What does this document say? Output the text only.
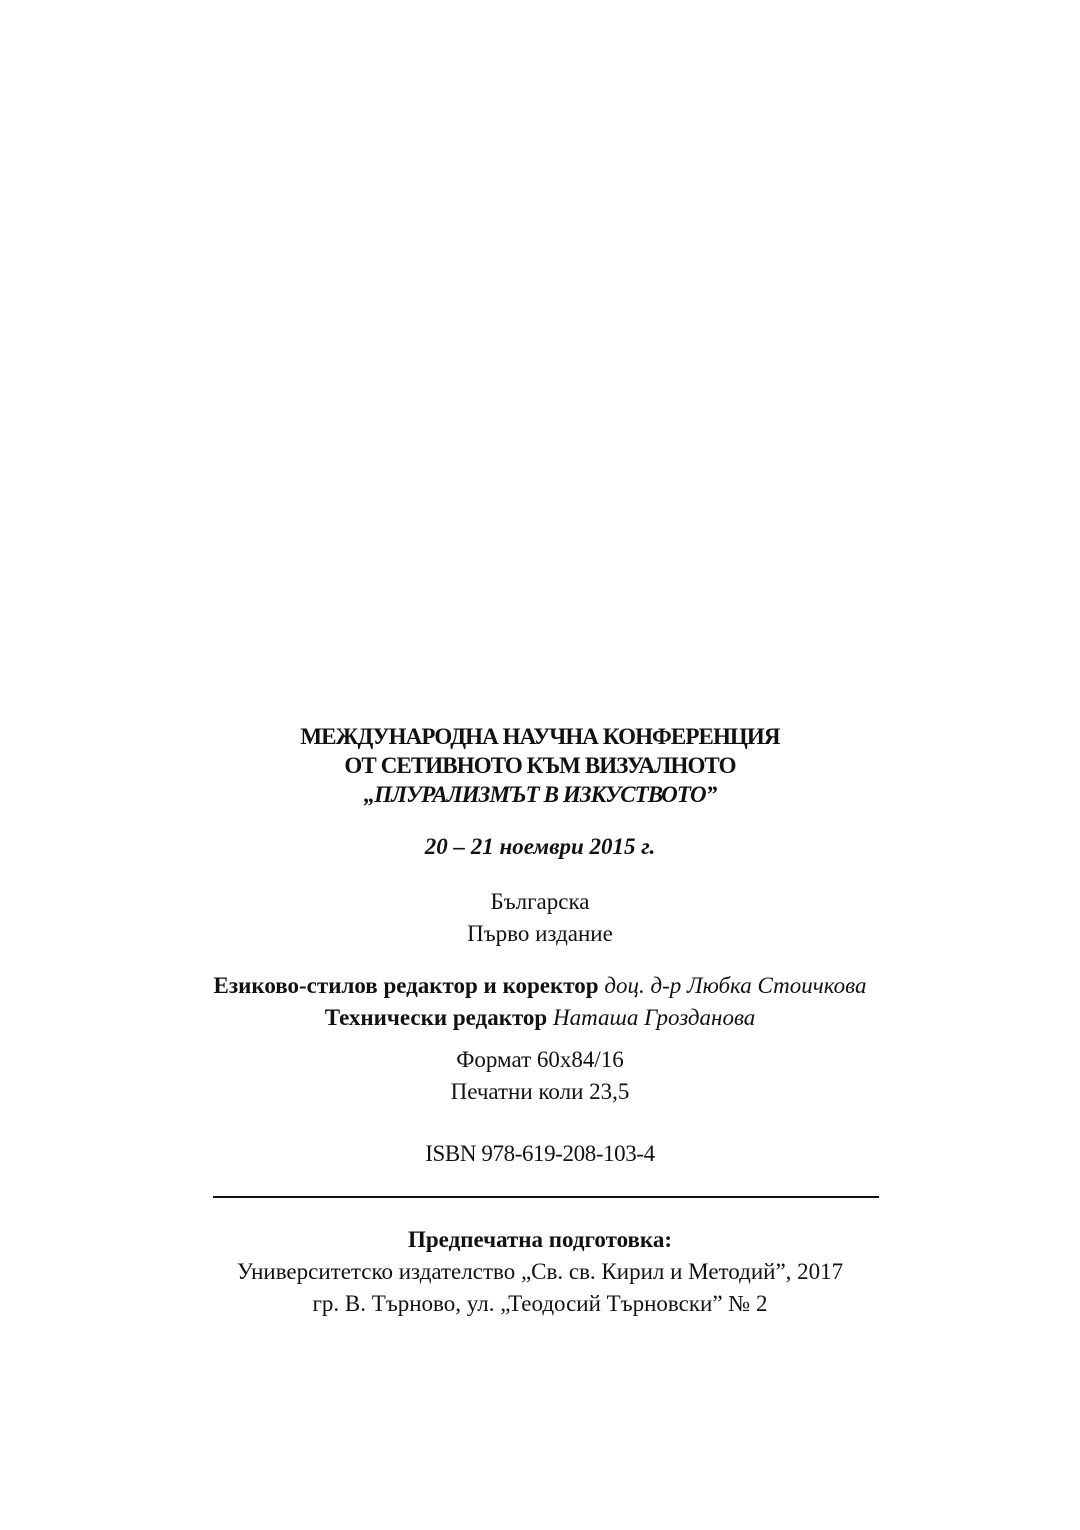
МЕЖДУНАРОДНА НАУЧНА КОНФЕРЕНЦИЯ
ОТ СЕТИВНОТО КЪМ ВИЗУАЛНОТО
„ПЛУРАЛИЗМЪТ В ИЗКУСТВОТО”
20 – 21 ноември 2015 г.
Българска
Първо издание
Езиково-стилов редактор и коректор доц. д-р Любка Стоичкова
Технически редактор Наташа Грозданова
Формат 60х84/16
Печатни коли 23,5
ISBN 978-619-208-103-4
Предпечатна подготовка:
Университетско издателство „Св. св. Кирил и Методий”, 2017
гр. В. Търново, ул. „Теодосий Търновски” № 2
